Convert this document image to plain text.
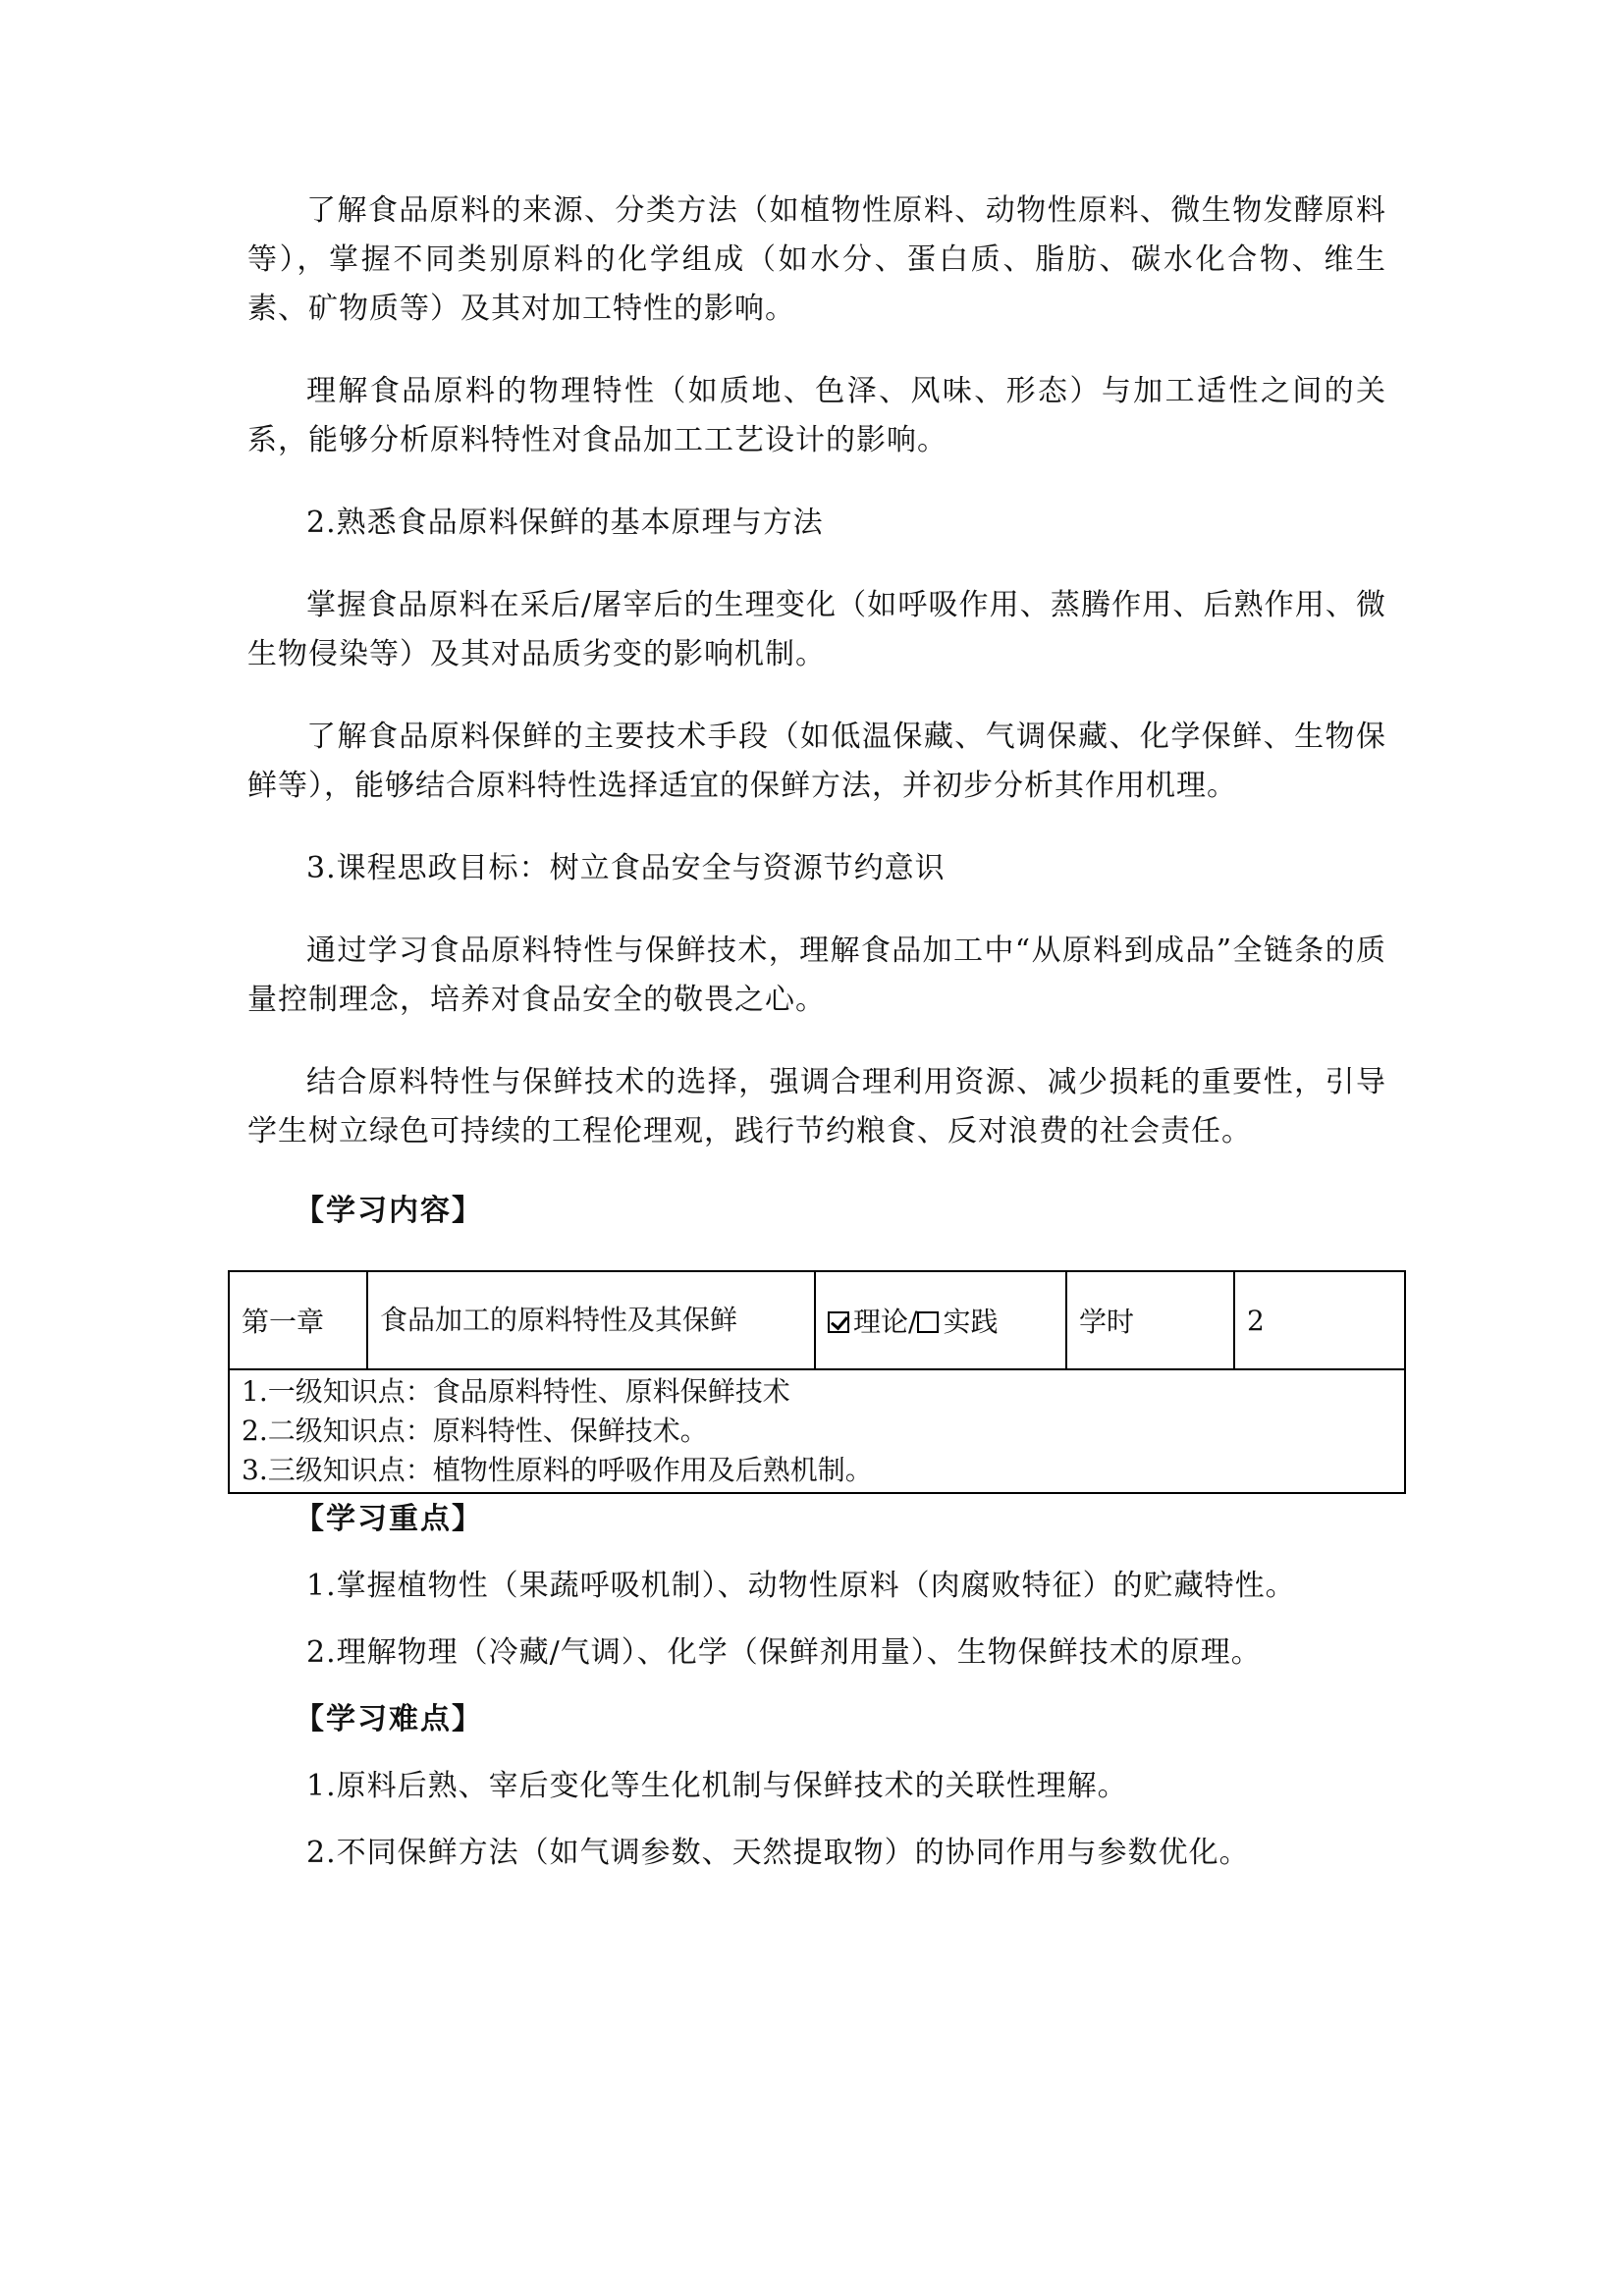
了解食品原料的来源、分类方法（如植物性原料、动物性原料、微生物发酵原料等），掌握不同类别原料的化学组成（如水分、蛋白质、脂肪、碳水化合物、维生素、矿物质等）及其对加工特性的影响。

理解食品原料的物理特性（如质地、色泽、风味、形态）与加工适性之间的关系，能够分析原料特性对食品加工工艺设计的影响。

2.熟悉食品原料保鲜的基本原理与方法

掌握食品原料在采后/屠宰后的生理变化（如呼吸作用、蒸腾作用、后熟作用、微生物侵染等）及其对品质劣变的影响机制。

了解食品原料保鲜的主要技术手段（如低温保藏、气调保藏、化学保鲜、生物保鲜等），能够结合原料特性选择适宜的保鲜方法，并初步分析其作用机理。

3.课程思政目标：树立食品安全与资源节约意识

通过学习食品原料特性与保鲜技术，理解食品加工中“从原料到成品”全链条的质量控制理念，培养对食品安全的敬畏之心。

结合原料特性与保鲜技术的选择，强调合理利用资源、减少损耗的重要性，引导学生树立绿色可持续的工程伦理观，践行节约粮食、反对浪费的社会责任。

【学习内容】

第一章	食品加工的原料特性及其保鲜	理论/ 实践	学时	2

1.一级知识点：食品原料特性、原料保鲜技术
2.二级知识点：原料特性、保鲜技术。
3.三级知识点：植物性原料的呼吸作用及后熟机制。

【学习重点】

1.掌握植物性（果蔬呼吸机制）、动物性原料（肉腐败特征）的贮藏特性。

2.理解物理（冷藏/气调）、化学（保鲜剂用量）、生物保鲜技术的原理。

【学习难点】

1.原料后熟、宰后变化等生化机制与保鲜技术的关联性理解。

2.不同保鲜方法（如气调参数、天然提取物）的协同作用与参数优化。
